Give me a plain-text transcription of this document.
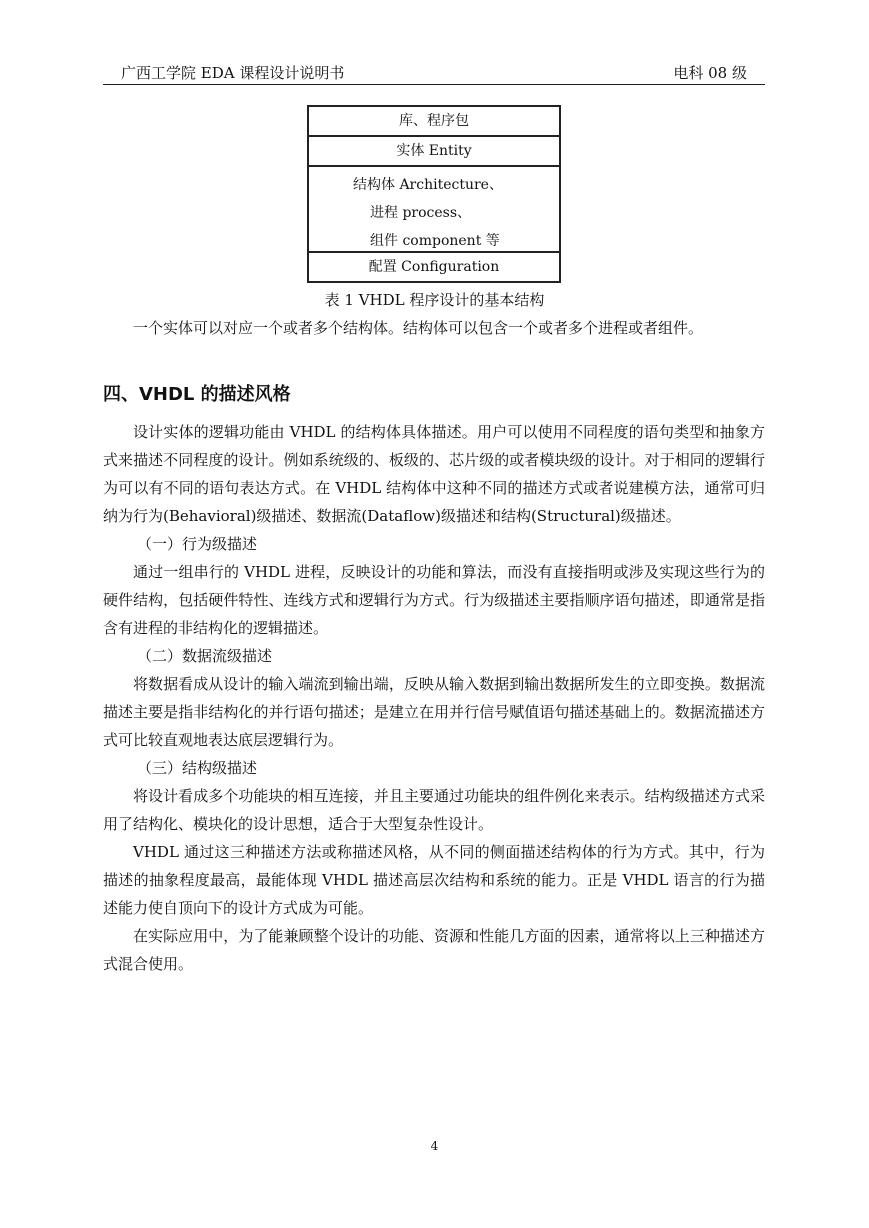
广西工学院 EDA 课程设计说明书	电科 08 级
库、程序包
实体 Entity
结构体 Architecture、
进程 process、
组件 component 等
配置 Configuration
表 1 VHDL 程序设计的基本结构

一个实体可以对应一个或者多个结构体。结构体可以包含一个或者多个进程或者组件。

四、VHDL 的描述风格

设计实体的逻辑功能由 VHDL 的结构体具体描述。用户可以使用不同程度的语句类型和抽象方式来描述不同程度的设计。例如系统级的、板级的、芯片级的或者模块级的设计。对于相同的逻辑行为可以有不同的语句表达方式。在 VHDL 结构体中这种不同的描述方式或者说建模方法，通常可归纳为行为(Behavioral)级描述、数据流(Dataflow)级描述和结构(Structural)级描述。

（一）行为级描述

通过一组串行的 VHDL 进程，反映设计的功能和算法，而没有直接指明或涉及实现这些行为的硬件结构，包括硬件特性、连线方式和逻辑行为方式。行为级描述主要指顺序语句描述，即通常是指含有进程的非结构化的逻辑描述。

（二）数据流级描述

将数据看成从设计的输入端流到输出端，反映从输入数据到输出数据所发生的立即变换。数据流描述主要是指非结构化的并行语句描述；是建立在用并行信号赋值语句描述基础上的。数据流描述方式可比较直观地表达底层逻辑行为。

（三）结构级描述

将设计看成多个功能块的相互连接，并且主要通过功能块的组件例化来表示。结构级描述方式采用了结构化、模块化的设计思想，适合于大型复杂性设计。

VHDL 通过这三种描述方法或称描述风格，从不同的侧面描述结构体的行为方式。其中，行为描述的抽象程度最高，最能体现 VHDL 描述高层次结构和系统的能力。正是 VHDL 语言的行为描述能力使自顶向下的设计方式成为可能。

在实际应用中，为了能兼顾整个设计的功能、资源和性能几方面的因素，通常将以上三种描述方式混合使用。

4
